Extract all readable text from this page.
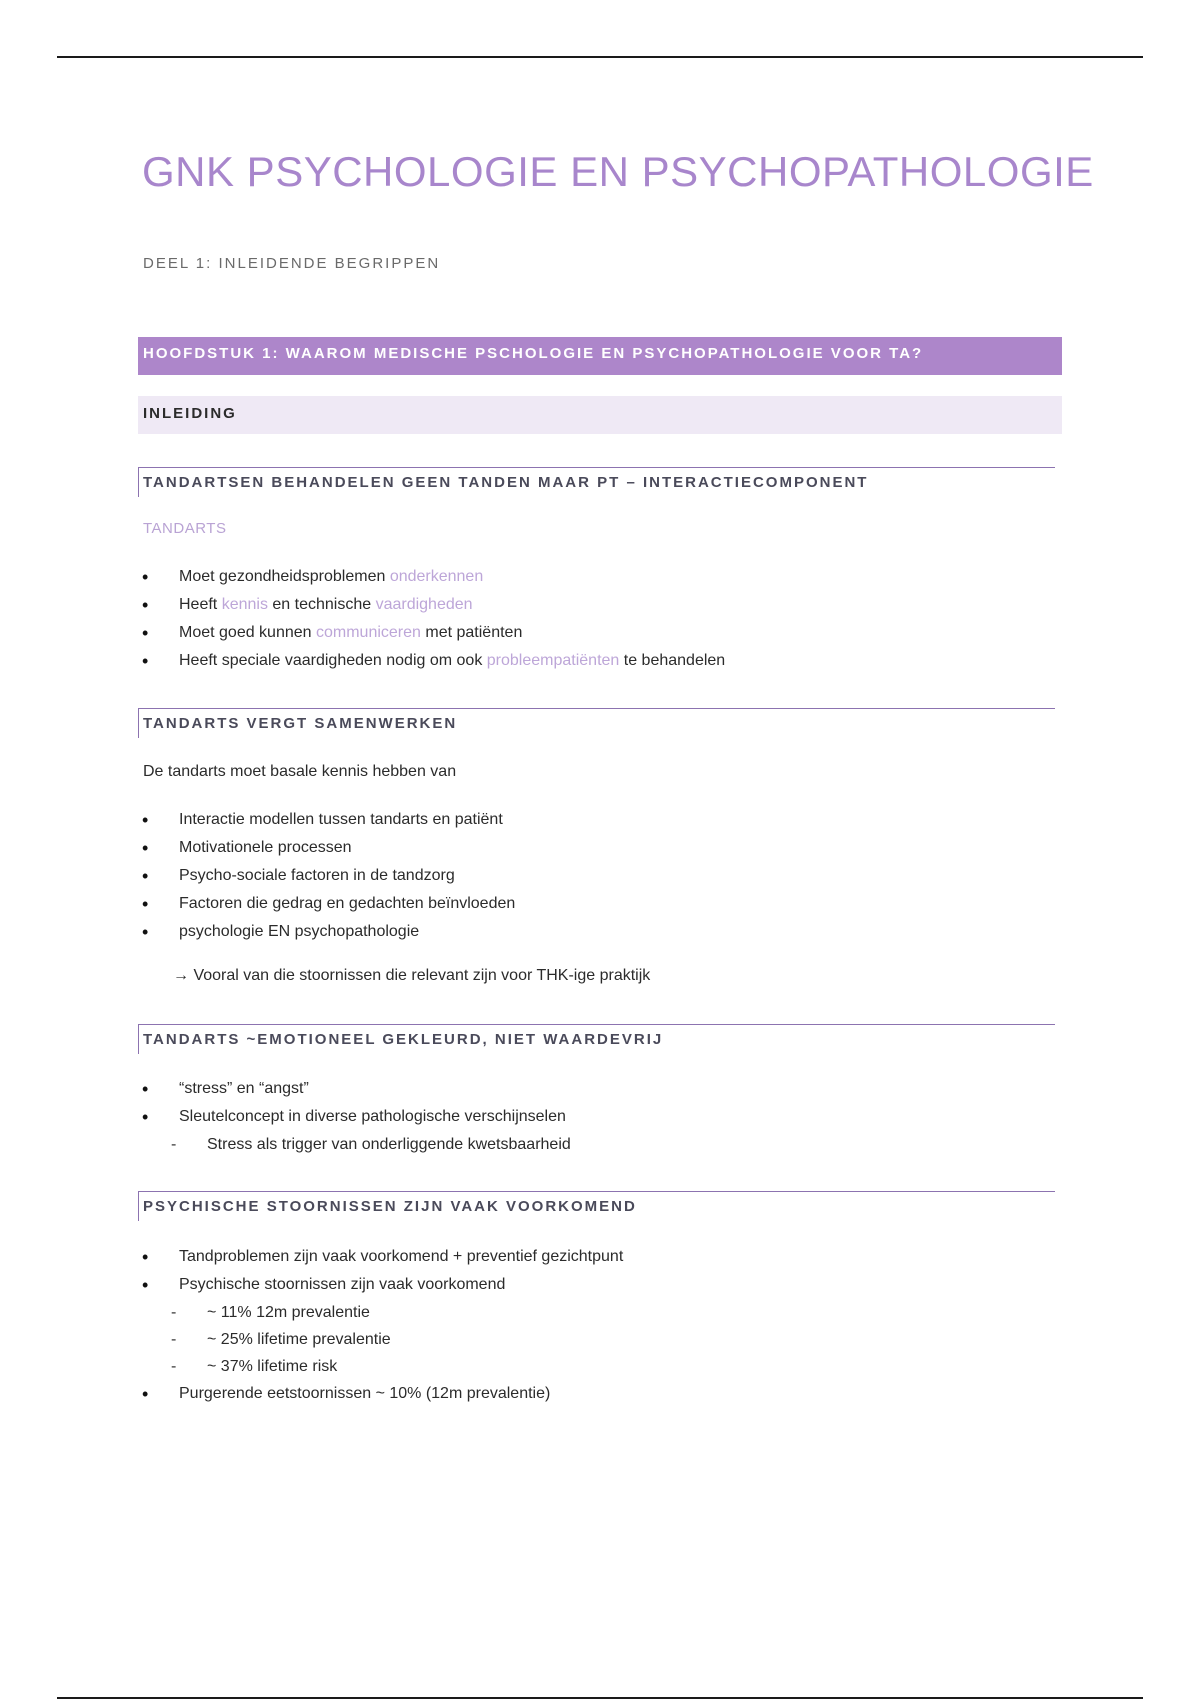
GNK PSYCHOLOGIE EN PSYCHOPATHOLOGIE
DEEL 1: INLEIDENDE BEGRIPPEN
HOOFDSTUK 1: WAAROM MEDISCHE PSCHOLOGIE EN PSYCHOPATHOLOGIE VOOR TA?
INLEIDING
TANDARTSEN BEHANDELEN GEEN TANDEN MAAR PT – INTERACTIECOMPONENT
TANDARTS
• Moet gezondheidsproblemen onderkennen
• Heeft kennis en technische vaardigheden
• Moet goed kunnen communiceren met patiënten
• Heeft speciale vaardigheden nodig om ook probleempatiënten te behandelen
TANDARTS VERGT SAMENWERKEN
De tandarts moet basale kennis hebben van
• Interactie modellen tussen tandarts en patiënt
• Motivationele processen
• Psycho-sociale factoren in de tandzorg
• Factoren die gedrag en gedachten beïnvloeden
• psychologie EN psychopathologie
→ Vooral van die stoornissen die relevant zijn voor THK-ige praktijk
TANDARTS ~EMOTIONEEL GEKLEURD, NIET WAARDEVRIJ
• “stress” en “angst”
• Sleutelconcept in diverse pathologische verschijnselen
- Stress als trigger van onderliggende kwetsbaarheid
PSYCHISCHE STOORNISSEN ZIJN VAAK VOORKOMEND
• Tandproblemen zijn vaak voorkomend + preventief gezichtpunt
• Psychische stoornissen zijn vaak voorkomend
- ~ 11% 12m prevalentie
- ~ 25% lifetime prevalentie
- ~ 37% lifetime risk
• Purgerende eetstoornissen ~ 10% (12m prevalentie)
